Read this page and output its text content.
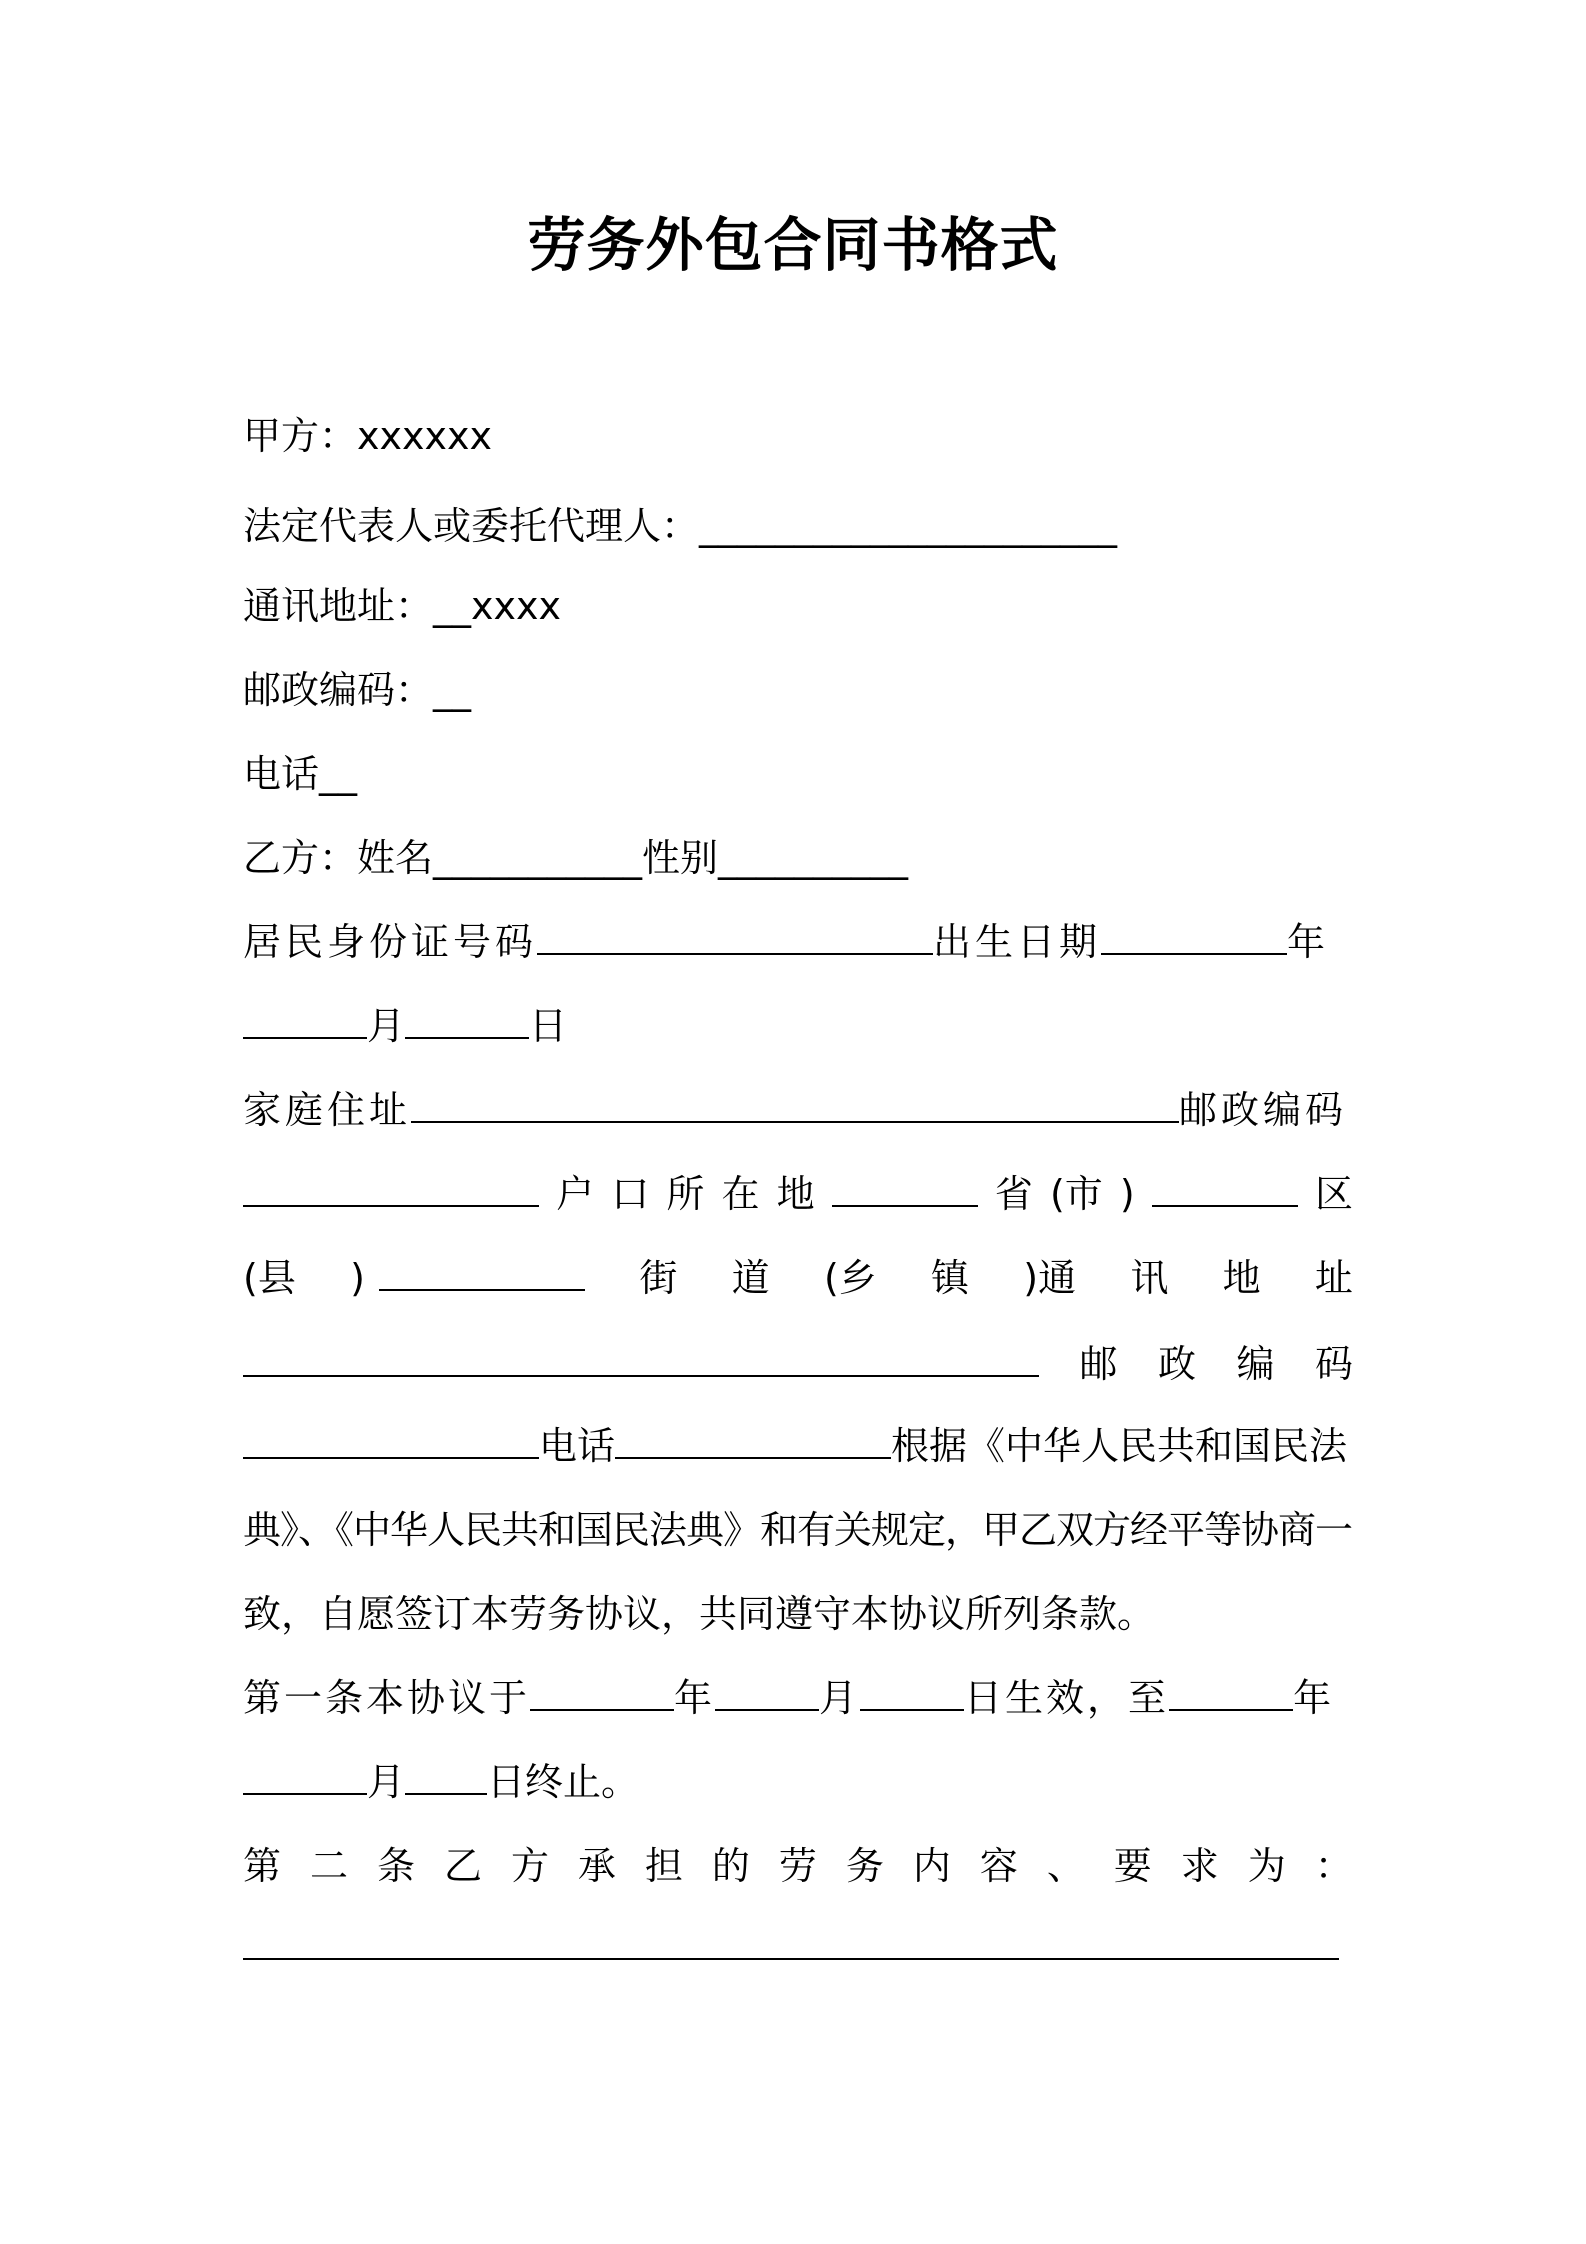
劳务外包合同书格式
甲方：xxxxxx
法定代表人或委托代理人：______________________
通讯地址：__xxxx
邮政编码：__
电话__
乙方：姓名___________性别__________
居民身份证号码	出生日期	年
月	日
家庭住址	邮政编码
户 口 所 在 地	省 (市 )	区
(县 )	街 道 (乡 镇 )通 讯 地 址
邮 政 编 码
电话	根据《中华人民共和国民法
典》、《中华人民共和国民法典》和有关规定，甲乙双方经平等协商一
致，自愿签订本劳务协议，共同遵守本协议所列条款。
第一条本协议于	年	月	日生效，至	年
月 日终止。
第 二 条 乙 方 承 担 的 劳 务 内 容 、 要 求 为 ：
